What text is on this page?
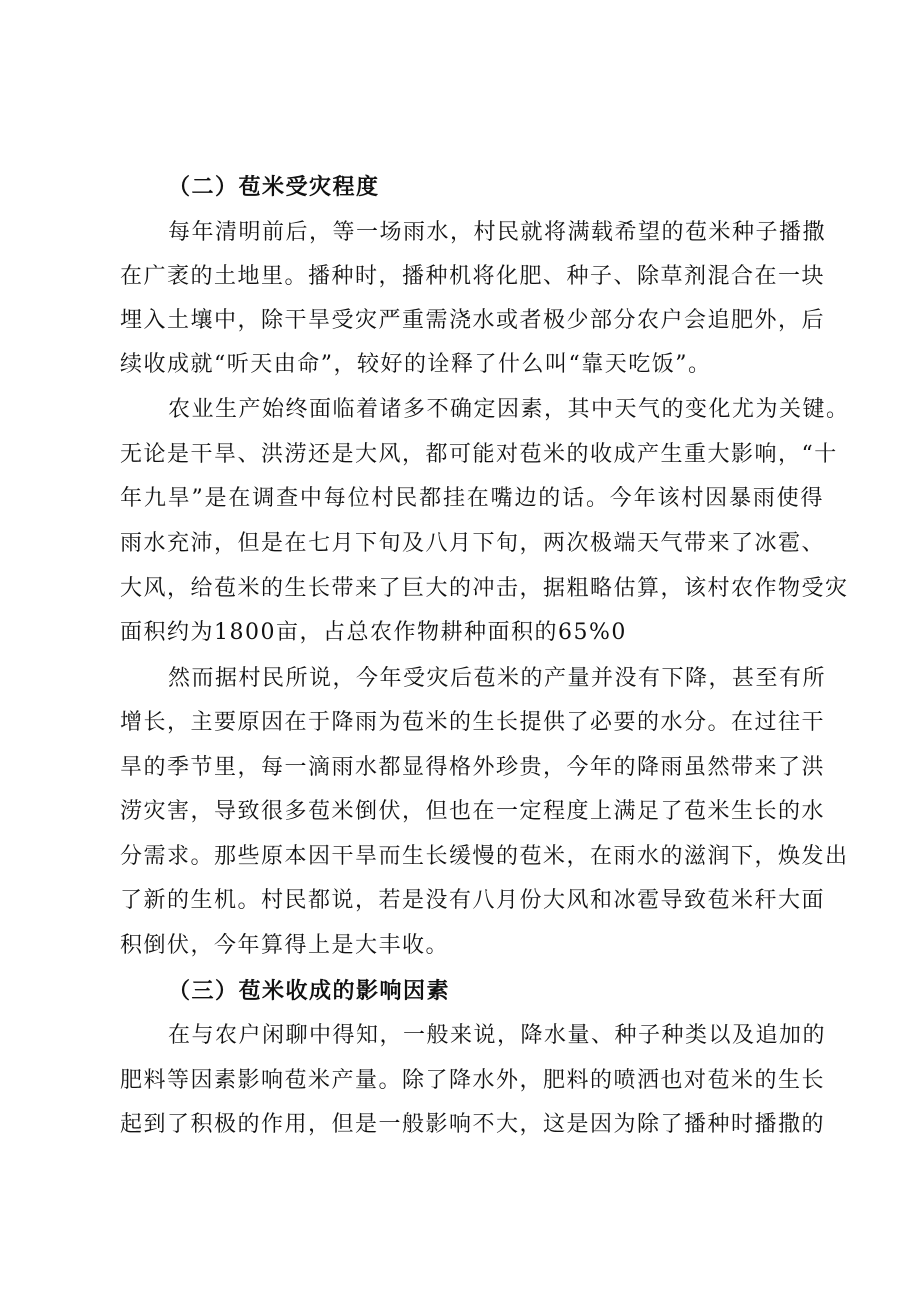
（二）苞米受灾程度
每年清明前后，等一场雨水，村民就将满载希望的苞米种子播撒
在广袤的土地里。播种时，播种机将化肥、种子、除草剂混合在一块
埋入土壤中，除干旱受灾严重需浇水或者极少部分农户会追肥外，后
续收成就“听天由命”，较好的诠释了什么叫“靠天吃饭”。
农业生产始终面临着诸多不确定因素，其中天气的变化尤为关键。
无论是干旱、洪涝还是大风，都可能对苞米的收成产生重大影响，“十
年九旱”是在调查中每位村民都挂在嘴边的话。今年该村因暴雨使得
雨水充沛，但是在七月下旬及八月下旬，两次极端天气带来了冰雹、
大风，给苞米的生长带来了巨大的冲击，据粗略估算，该村农作物受灾
面积约为1800亩，占总农作物耕种面积的65%0
然而据村民所说，今年受灾后苞米的产量并没有下降，甚至有所
增长，主要原因在于降雨为苞米的生长提供了必要的水分。在过往干
旱的季节里，每一滴雨水都显得格外珍贵，今年的降雨虽然带来了洪
涝灾害，导致很多苞米倒伏，但也在一定程度上满足了苞米生长的水
分需求。那些原本因干旱而生长缓慢的苞米，在雨水的滋润下，焕发出
了新的生机。村民都说，若是没有八月份大风和冰雹导致苞米秆大面
积倒伏，今年算得上是大丰收。
（三）苞米收成的影响因素
在与农户闲聊中得知，一般来说，降水量、种子种类以及追加的
肥料等因素影响苞米产量。除了降水外，肥料的喷洒也对苞米的生长
起到了积极的作用，但是一般影响不大，这是因为除了播种时播撒的
